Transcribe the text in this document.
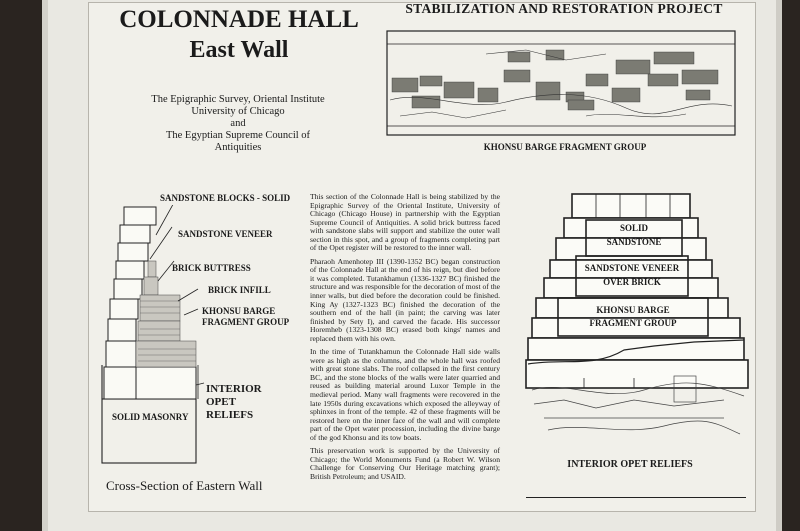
COLONNADE HALL
East Wall
The Epigraphic Survey, Oriental Institute
University of Chicago
and
The Egyptian Supreme Council of
Antiquities
STABILIZATION AND RESTORATION PROJECT
KHONSU BARGE FRAGMENT GROUP
SANDSTONE BLOCKS - SOLID
SANDSTONE VENEER
BRICK BUTTRESS
BRICK INFILL
KHONSU BARGE FRAGMENT GROUP
INTERIOR OPET RELIEFS
SOLID MASONRY
Cross-Section of Eastern Wall

This section of the Colonnade Hall is being stabilized by the Epigraphic Survey of the Oriental Institute, University of Chicago (Chicago House) in partnership with the Egyptian Supreme Council of Antiquities. A solid brick buttress faced with sandstone slabs will support and stabilize the outer wall section in this spot, and a group of fragments completing part of the Opet register will be restored to the inner wall.

Pharaoh Amenhotep III (1390-1352 BC) began construction of the Colonnade Hall at the end of his reign, but died before it was completed. Tutankhamun (1336-1327 BC) finished the structure and was responsible for the decoration of most of the inner walls, but died before the decoration could be finished. King Ay (1327-1323 BC) finished the decoration of the southern end of the hall (in paint; the carving was later finished by Sety I), and carved the facade. His successor Horemheb (1323-1308 BC) erased both kings' names and replaced them with his own.

In the time of Tutankhamun the Colonnade Hall side walls were as high as the columns, and the whole hall was roofed with great stone slabs. The roof collapsed in the first century BC, and the stone blocks of the walls were later quarried and reused as building material around Luxor Temple in the medieval period. Many wall fragments were recovered in the late 1950s during excavations which exposed the alleyway of sphinxes in front of the temple. 42 of these fragments will be restored here on the inner face of the wall and will complete part of the Opet water procession, including the divine barge of the god Khonsu and its tow boats.

This preservation work is supported by the University of Chicago; the World Monuments Fund (a Robert W. Wilson Challenge for Conserving Our Heritage matching grant); British Petroleum; and USAID.

SOLID
SANDSTONE
SANDSTONE VENEER
OVER BRICK
KHONSU BARGE
FRAGMENT GROUP
INTERIOR OPET RELIEFS
